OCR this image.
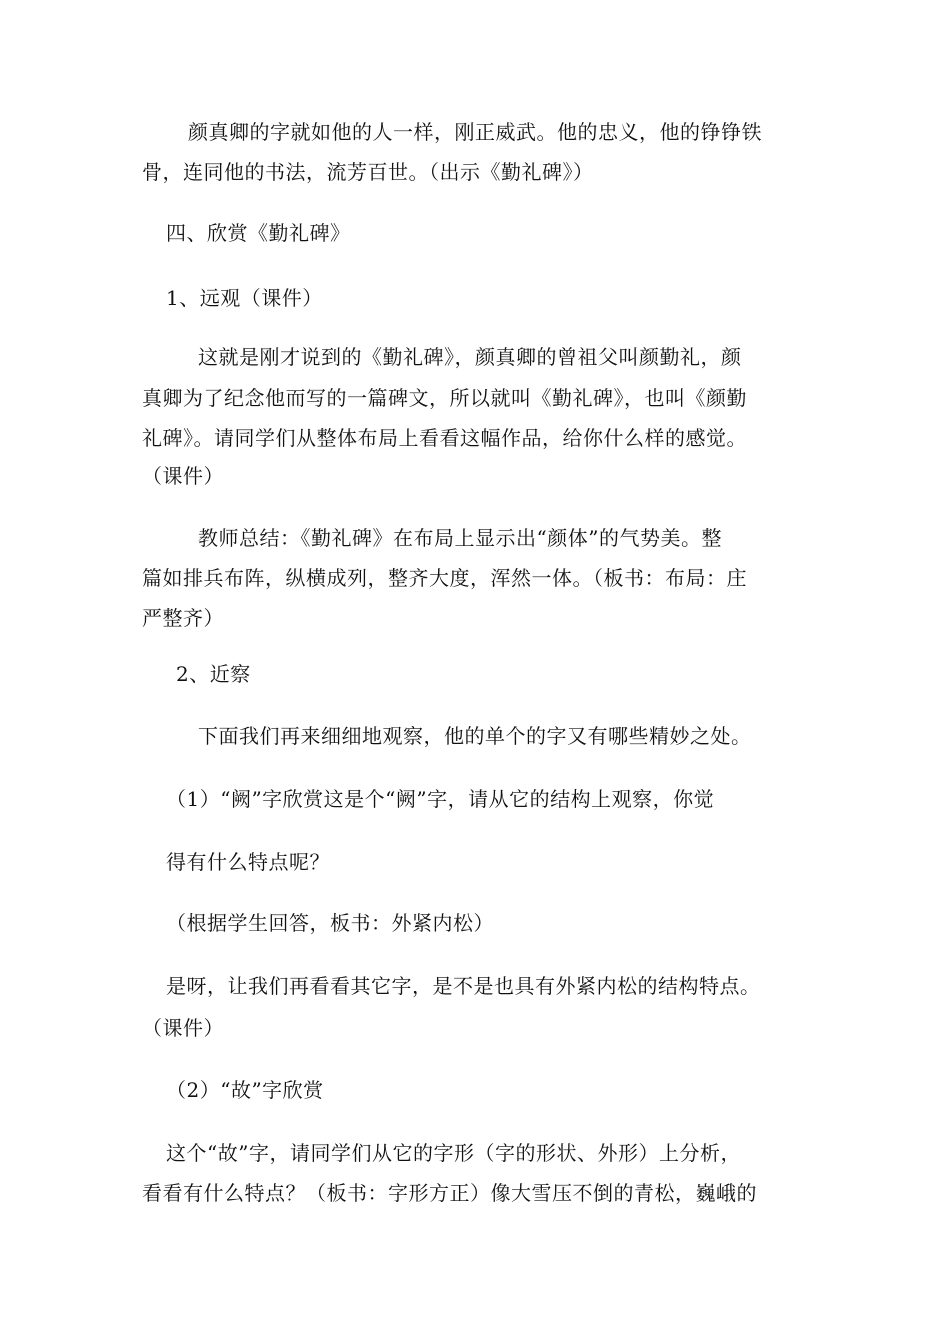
颜真卿的字就如他的人一样，刚正威武。他的忠义，他的铮铮铁
骨，连同他的书法，流芳百世。（出示《勤礼碑》）
四、欣赏《勤礼碑》
1、远观（课件）
这就是刚才说到的《勤礼碑》，颜真卿的曾祖父叫颜勤礼，颜
真卿为了纪念他而写的一篇碑文，所以就叫《勤礼碑》，也叫《颜勤
礼碑》。请同学们从整体布局上看看这幅作品，给你什么样的感觉。
（课件）
教师总结：《勤礼碑》在布局上显示出“颜体”的气势美。整
篇如排兵布阵，纵横成列，整齐大度，浑然一体。（板书：布局：庄
严整齐）
2、近察
下面我们再来细细地观察，他的单个的字又有哪些精妙之处。
（1）“阙”字欣赏这是个“阙”字，请从它的结构上观察，你觉
得有什么特点呢？
（根据学生回答，板书：外紧内松）
是呀，让我们再看看其它字，是不是也具有外紧内松的结构特点。
（课件）
（2）“故”字欣赏
这个“故”字，请同学们从它的字形（字的形状、外形）上分析，
看看有什么特点？（板书：字形方正）像大雪压不倒的青松，巍峨的
